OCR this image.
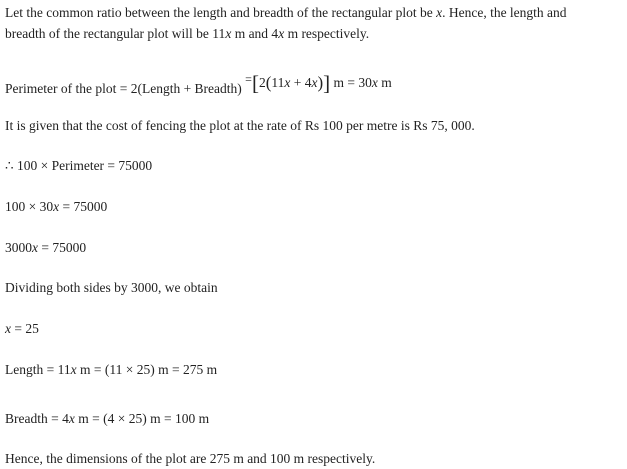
Let the common ratio between the length and breadth of the rectangular plot be x. Hence, the length and
breadth of the rectangular plot will be 11x m and 4x m respectively.
Perimeter of the plot = 2(Length + Breadth) =[2(11x + 4x)] m = 30x m
It is given that the cost of fencing the plot at the rate of Rs 100 per metre is Rs 75, 000.
∴ 100 × Perimeter = 75000
100 × 30x = 75000
3000x = 75000
Dividing both sides by 3000, we obtain
x = 25
Length = 11x m = (11 × 25) m = 275 m
Breadth = 4x m = (4 × 25) m = 100 m
Hence, the dimensions of the plot are 275 m and 100 m respectively.
